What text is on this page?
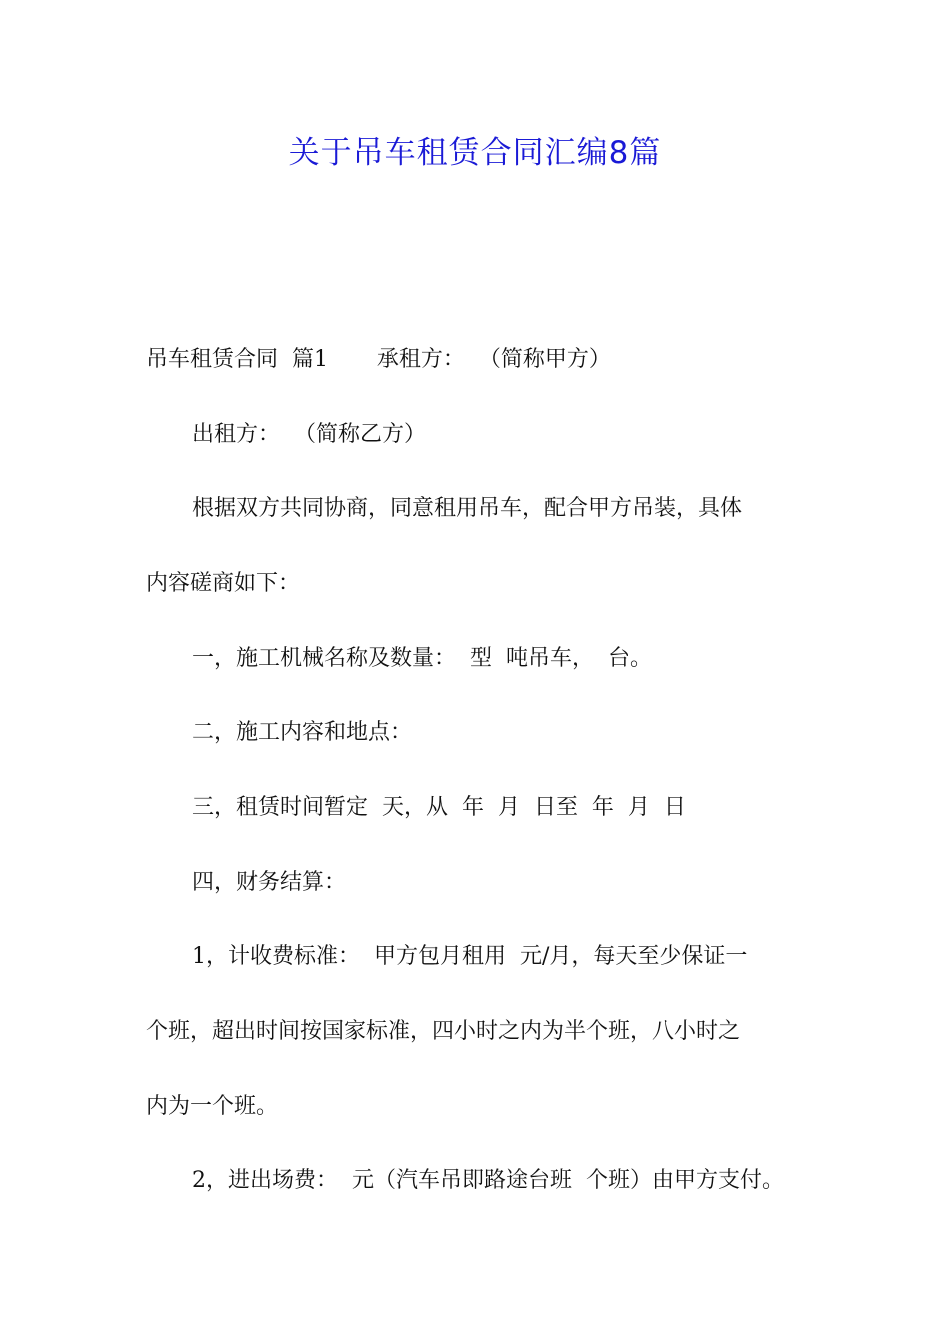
关于吊车租赁合同汇编8篇
吊车租赁合同  篇1       承租方：  （简称甲方）
出租方：  （简称乙方）
根据双方共同协商，同意租用吊车，配合甲方吊装，具体
内容磋商如下：
一，施工机械名称及数量：  型  吨吊车，  台。
二，施工内容和地点：
三，租赁时间暂定  天，从  年  月  日至  年  月  日
四，财务结算：
1，计收费标准：  甲方包月租用  元/月，每天至少保证一
个班，超出时间按国家标准，四小时之内为半个班，八小时之
内为一个班。
2，进出场费：  元（汽车吊即路途台班  个班）由甲方支付。
